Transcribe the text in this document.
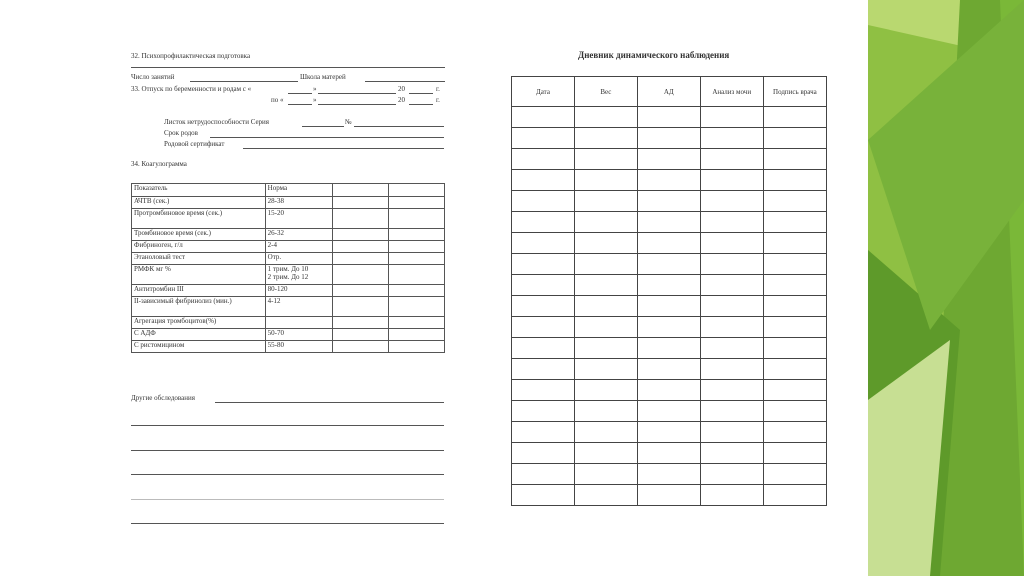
32. Психопрофилактическая подготовка
Число занятий	Школа матерей
33. Отпуск по беременности и родам с «	»	20	г.
по «	»	20	г.
Листок нетрудоспособности Серия	№
Срок родов
Родовой сертификат
34. Коагулограмма
Показатель	Норма		
АЧТВ (сек.)	28-38		
Протромбиновое время (сек.)	15-20		
Тромбиновое время (сек.)	26-32		
Фибриноген, г/л	2-4		
Этаноловый тест	Отр.		
РМФК мг %	1 трим. До 10
2 трим. До 12		
Антитромбин III	80-120		
II-зависимый фибринолиз (мин.)	4-12		
Агрегация тромбоцитов(%)			
С АДФ	50-70		
С ристомицином	55-80		
Другие обследования
Дневник динамического наблюдения
Дата	Вес	АД	Анализ мочи	Подпись врача
